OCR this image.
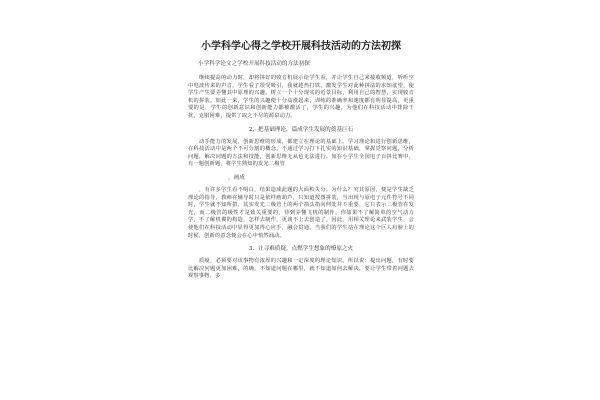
小学科学心得之学校开展科技活动的方法初探
小学科学论文之学校开展科技活动的方法初探

继续提高的动力时，却将拼好的收音机展示给学生看，并让学生自己来接收频道，听听空中电波传来的声音，学生看了很受吸引，我就趁热打铁，激发学生对此种拼法的求知欲望，使学生产生要弄懂其中原理的兴趣，树立一个十分现实的近景目标，利用自己的智慧，实现收音机的拼装。如此一来，学生的兴趣便十分高涨起来，训练的准确率和速度都有明显提高，更重要的是，学生的创新意识和创新能力都被激活了，学生的兴趣，为他们在科技活动中排除干扰，克服困难，提供了取之不尽的源泉动力。

2、把基础理论，篇成学生发展的奠基巨石

动手能力的发展，创新思维的形成，都建立在理论的基础上。学习理论和进行创新思维，在科技活动中是两个不可分割的概念，不通过学习打下扎实的知识基础，掌握觉察问题，分析问题，解决问题的方法和技能，创新思维无从也无法进行。如在小学生全国电子百拼比赛中，有一题创新题，将学生熟知的发光二极管

，画成

，有许多学生看不明白，结果造成此题的大面积失分。为什么？究其原因，便是学生缺乏理论的指导，教师在辅导时只是依样画葫芦，只知道按图拼装，当出现与原电子元件符号不同时，学生就不知所措，其实发光二极管上的两个箭头指向何处并不重要，它只表示二极管在发光，而二极管的极性才是致关重要的，待到弄懂飞机的制作，你如果不了解简单的空气动力学，不了解机翼的构造，怎样去制作，更谈不上去创造了。因此，用相关理论来武装学生，会使他们在科技活动中显得更加得心应手，融会贯通。当我们的学生站在理论这个巨人肩膀上的时候，创新的意念便会在心中悄然涌动。

3、让寻难质疑，点燃学生想象的燎原之火

质疑，必须要对该事物有浓厚的兴趣和一定深度的理论知识。所以说：提出问题，有时要比解决问题更加困难，的确，不知道问题在哪里，就不知道如何去解决，要让学生带着问题去观察事物，多
